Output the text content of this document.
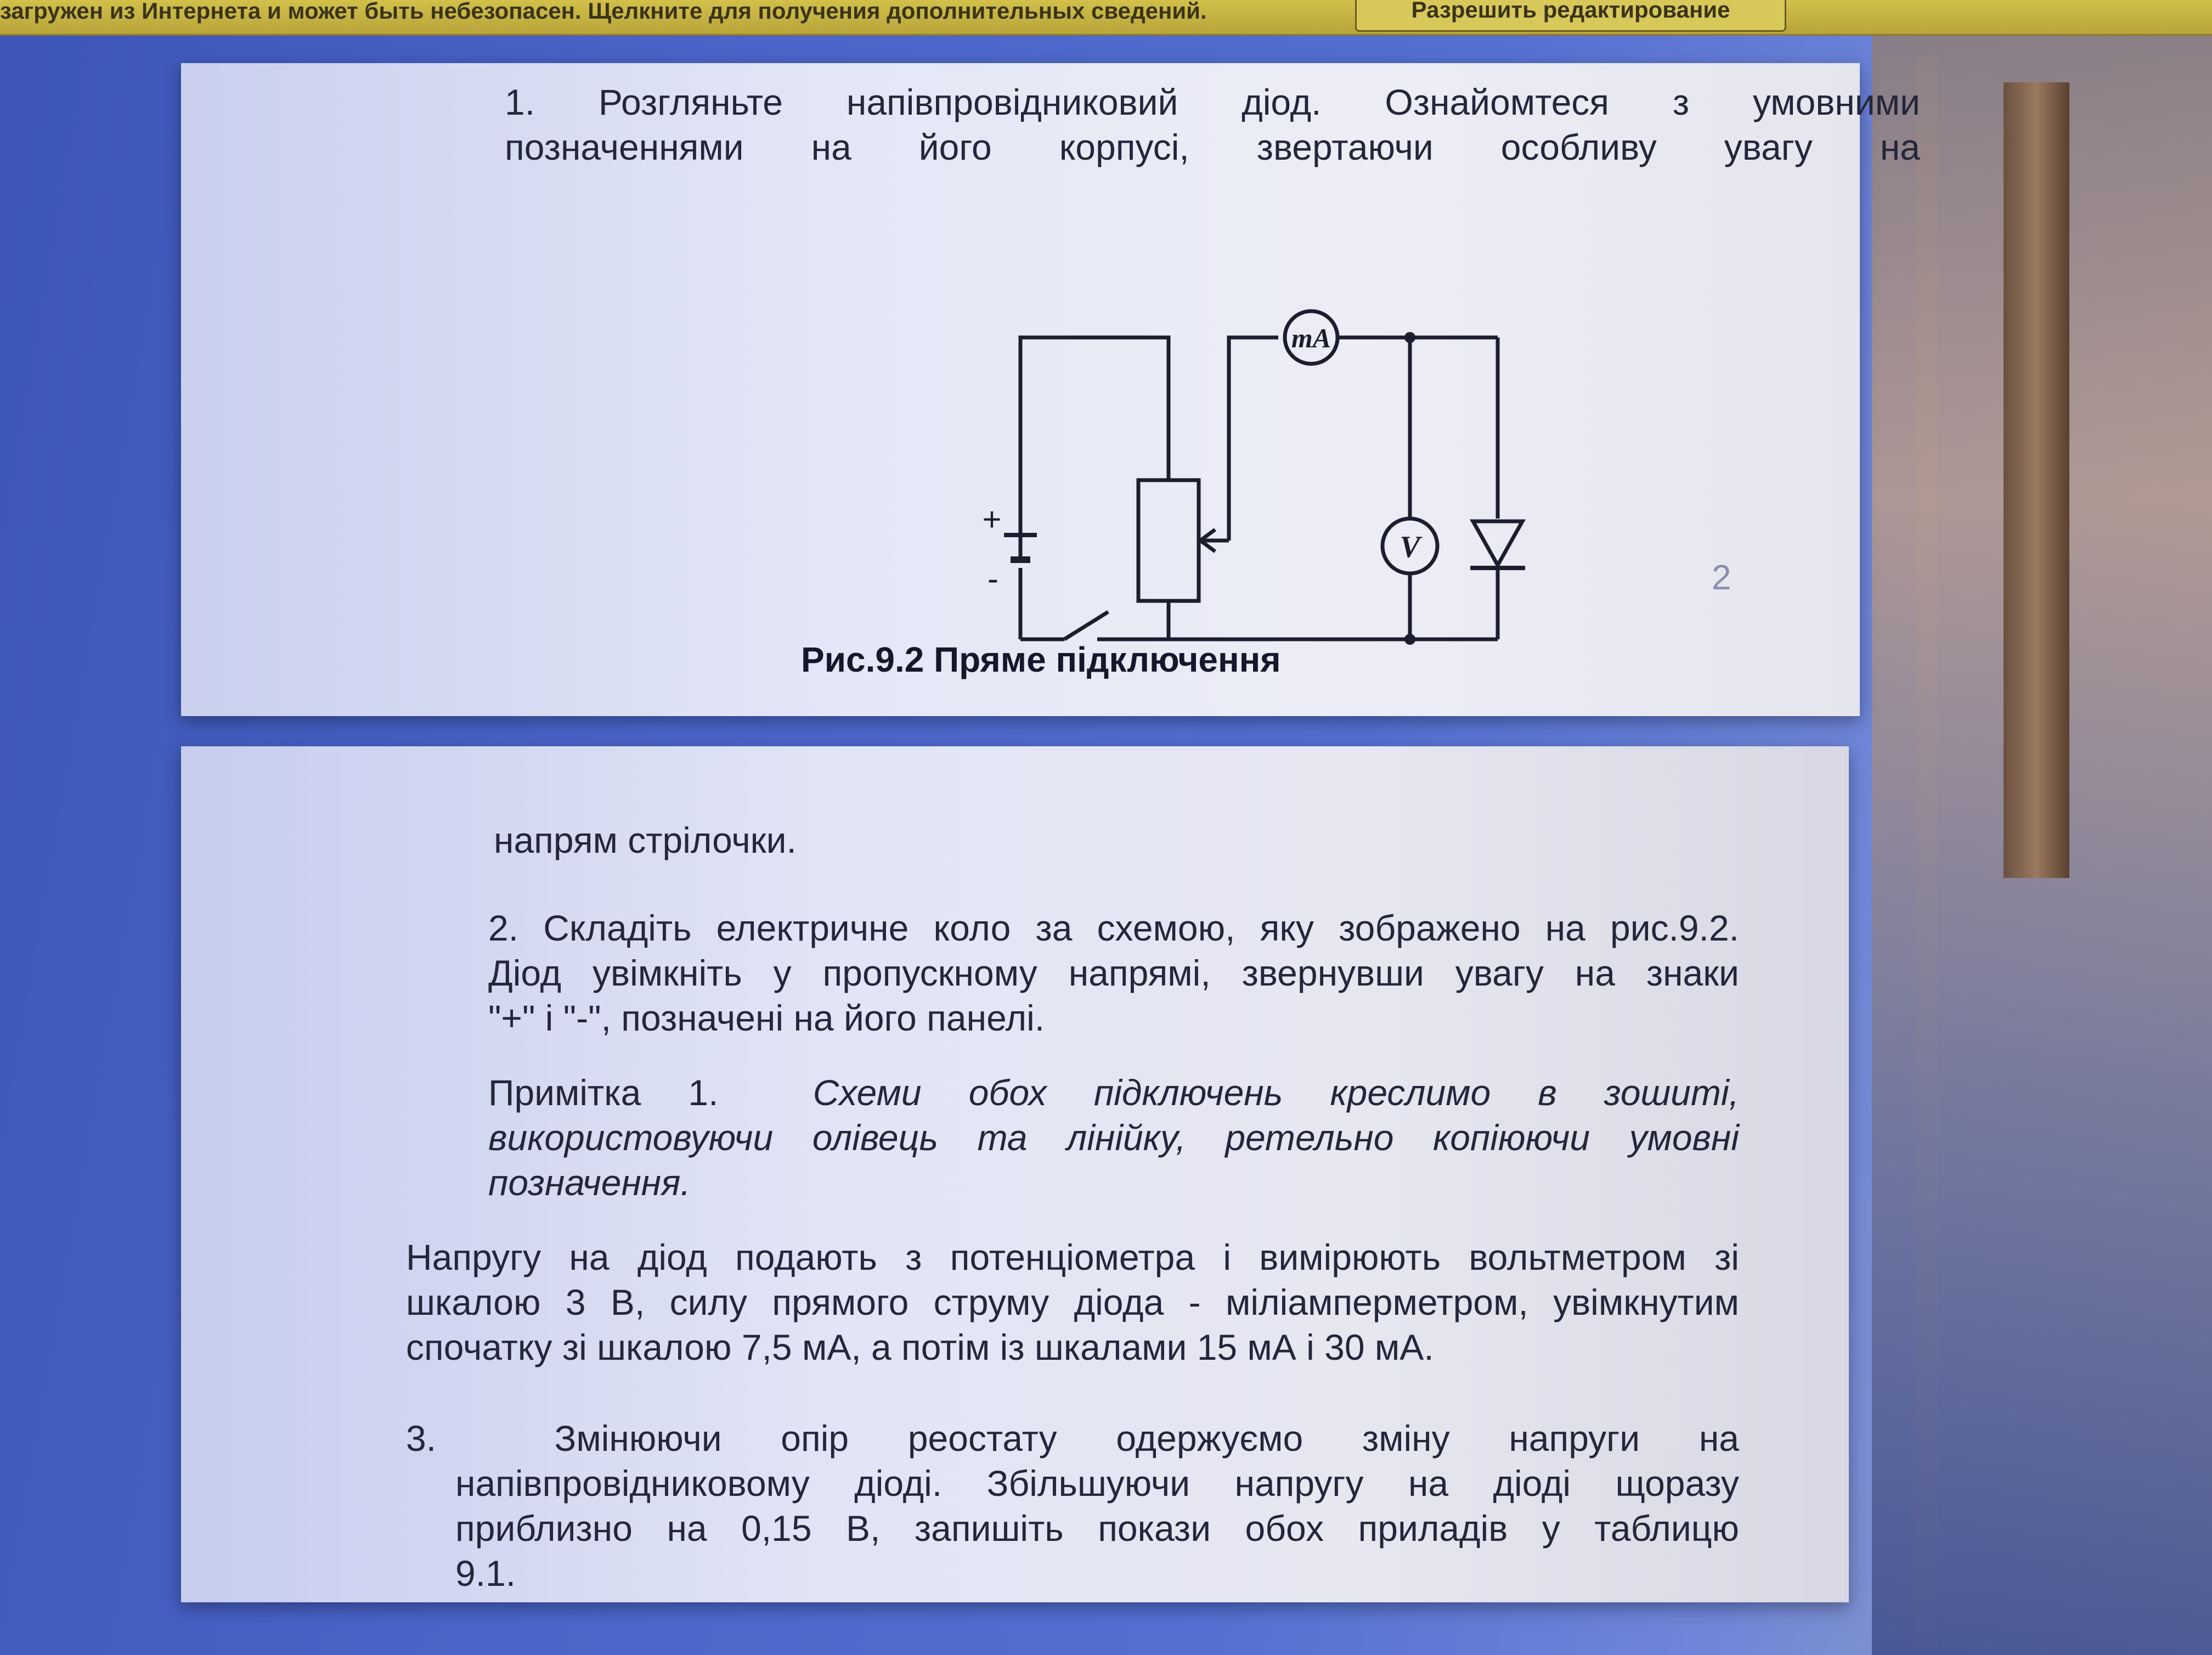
загружен из Интернета и может быть небезопасен. Щелкните для получения дополнительных сведений.	Разрешить редактирование
1. Розгляньте напівпровідниковий діод. Ознайомтеся з умовними
позначеннями на його корпусі, звертаючи особливу увагу на
mA
V
+
-
Рис.9.2 Пряме підключення
2
напрям стрілочки.
2. Складіть електричне коло за схемою, яку зображено на рис.9.2.
Діод увімкніть у пропускному напрямі, звернувши увагу на знаки
"+" і "-", позначені на його панелі.
Примітка 1.	Схеми обох підключень креслимо в зошиті,
використовуючи олівець та лінійку, ретельно копіюючи умовні
позначення.
Напругу на діод подають з потенціометра і вимірюють вольтметром зі
шкалою 3 В, силу прямого струму діода - міліамперметром, увімкнутим
спочатку зі шкалою 7,5 мА, а потім із шкалами 15 мА і 30 мА.
3.	Змінюючи опір реостату одержуємо зміну напруги на
напівпровідниковому діоді. Збільшуючи напругу на діоді щоразу
приблизно на 0,15 В, запишіть покази обох приладів у таблицю
9.1.
